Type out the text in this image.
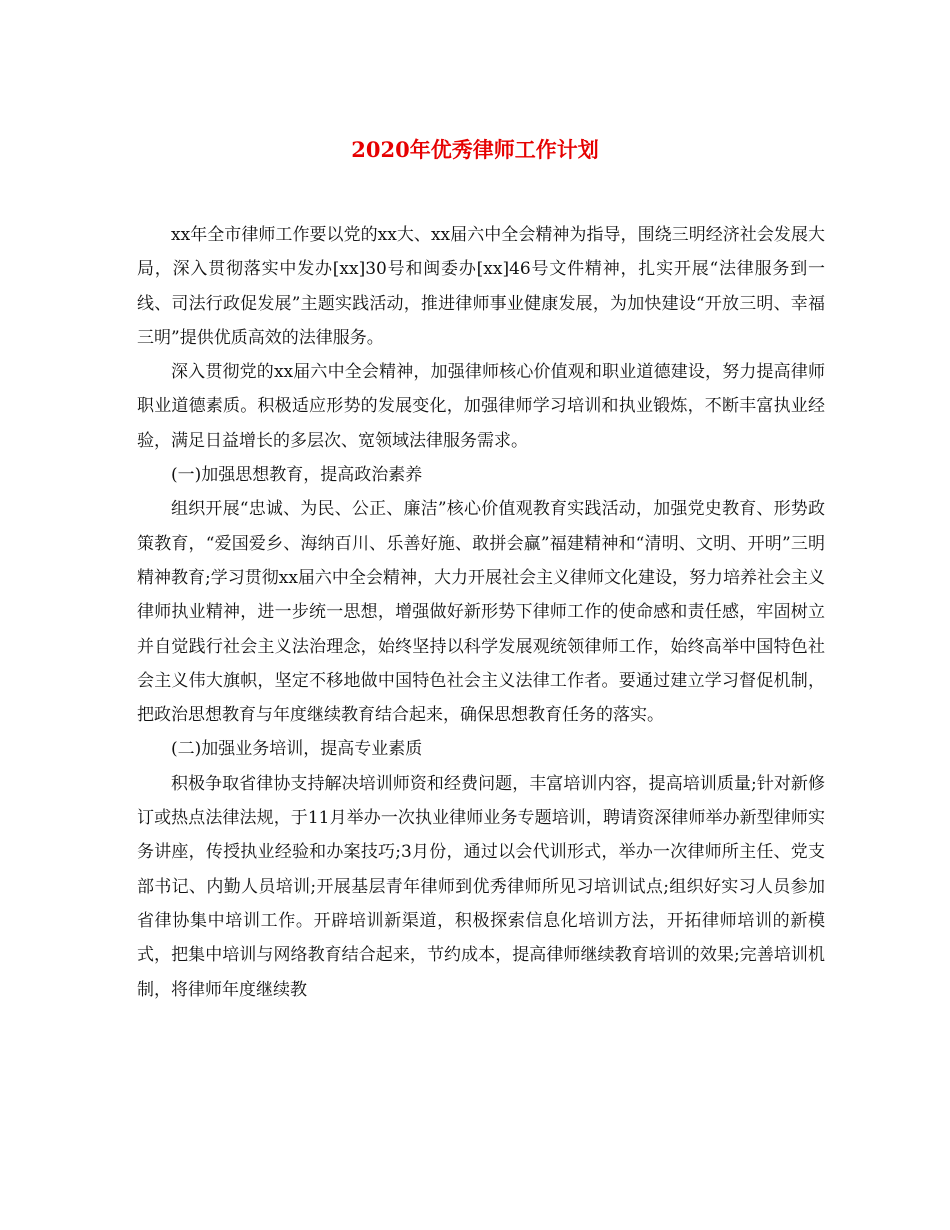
2020年优秀律师工作计划

xx年全市律师工作要以党的xx大、xx届六中全会精神为指导，围绕三明经济社会发展大局，深入贯彻落实中发办[xx]30号和闽委办[xx]46号文件精神，扎实开展“法律服务到一线、司法行政促发展”主题实践活动，推进律师事业健康发展，为加快建设“开放三明、幸福三明”提供优质高效的法律服务。

深入贯彻党的xx届六中全会精神，加强律师核心价值观和职业道德建设，努力提高律师职业道德素质。积极适应形势的发展变化，加强律师学习培训和执业锻炼，不断丰富执业经验，满足日益增长的多层次、宽领域法律服务需求。

(一)加强思想教育，提高政治素养

组织开展“忠诚、为民、公正、廉洁”核心价值观教育实践活动，加强党史教育、形势政策教育，“爱国爱乡、海纳百川、乐善好施、敢拼会赢”福建精神和“清明、文明、开明”三明精神教育;学习贯彻xx届六中全会精神，大力开展社会主义律师文化建设，努力培养社会主义律师执业精神，进一步统一思想，增强做好新形势下律师工作的使命感和责任感，牢固树立并自觉践行社会主义法治理念，始终坚持以科学发展观统领律师工作，始终高举中国特色社会主义伟大旗帜，坚定不移地做中国特色社会主义法律工作者。要通过建立学习督促机制，把政治思想教育与年度继续教育结合起来，确保思想教育任务的落实。

(二)加强业务培训，提高专业素质

积极争取省律协支持解决培训师资和经费问题，丰富培训内容，提高培训质量;针对新修订或热点法律法规，于11月举办一次执业律师业务专题培训，聘请资深律师举办新型律师实务讲座，传授执业经验和办案技巧;3月份，通过以会代训形式，举办一次律师所主任、党支部书记、内勤人员培训;开展基层青年律师到优秀律师所见习培训试点;组织好实习人员参加省律协集中培训工作。开辟培训新渠道，积极探索信息化培训方法，开拓律师培训的新模式，把集中培训与网络教育结合起来，节约成本，提高律师继续教育培训的效果;完善培训机制，将律师年度继续教
